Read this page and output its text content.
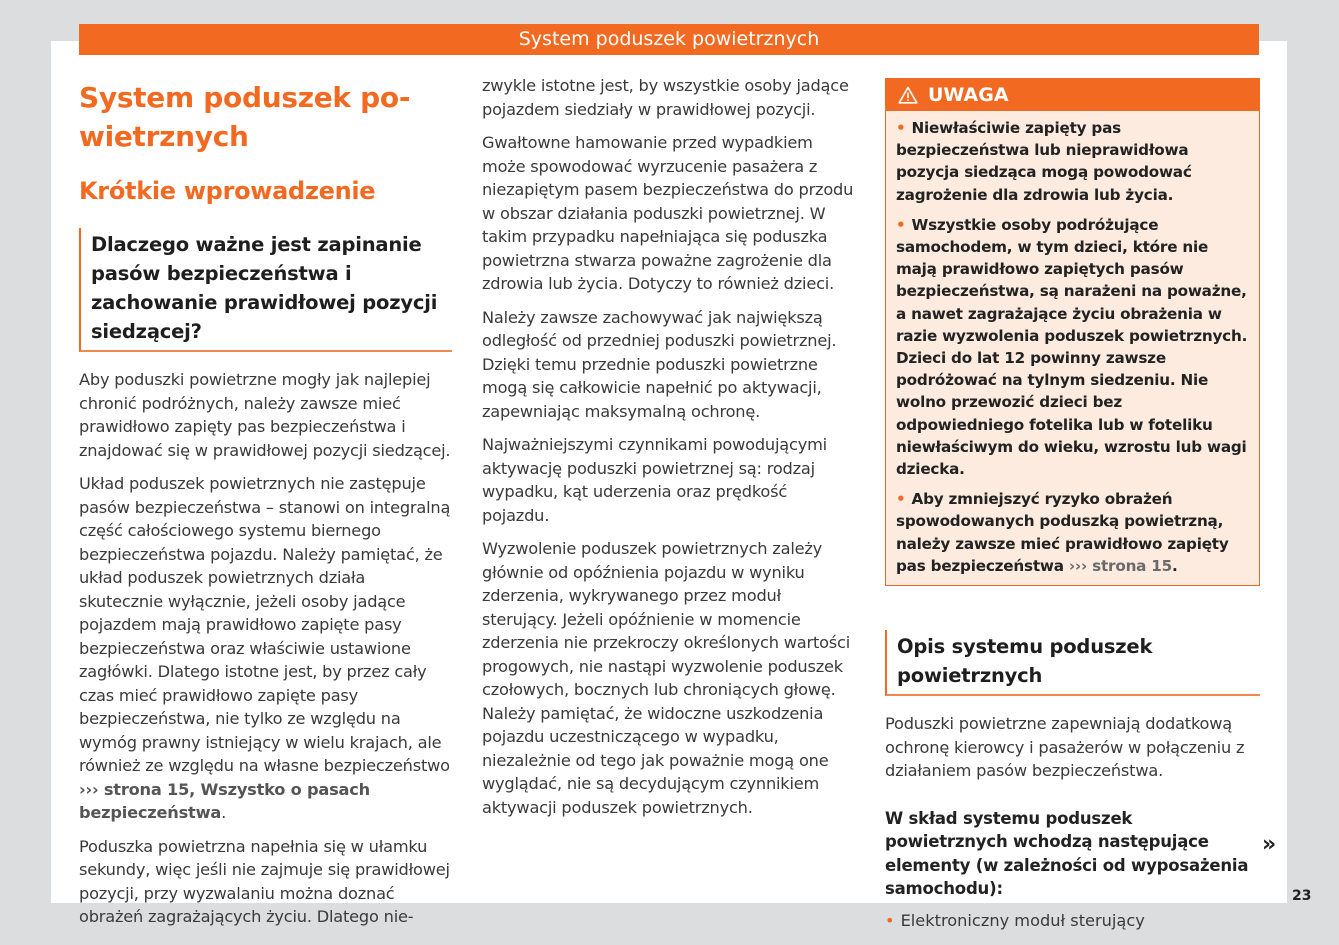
System poduszek powietrznych
System poduszek po-
wietrznych
Krótkie wprowadzenie
Dlaczego ważne jest zapinanie pasów bezpieczeństwa i zachowanie prawidłowej pozycji siedzącej?

Aby poduszki powietrzne mogły jak najlepiej chronić podróżnych, należy zawsze mieć prawidłowo zapięty pas bezpieczeństwa i znajdować się w prawidłowej pozycji siedzącej.

Układ poduszek powietrznych nie zastępuje pasów bezpieczeństwa – stanowi on integralną część całościowego systemu biernego bezpieczeństwa pojazdu. Należy pamiętać, że układ poduszek powietrznych działa skutecznie wyłącznie, jeżeli osoby jadące pojazdem mają prawidłowo zapięte pasy bezpieczeństwa oraz właściwie ustawione zagłówki. Dlatego istotne jest, by przez cały czas mieć prawidłowo zapięte pasy bezpieczeństwa, nie tylko ze względu na wymóg prawny istniejący w wielu krajach, ale również ze względu na własne bezpieczeństwo ››› strona 15, Wszystko o pasach bezpieczeństwa.

Poduszka powietrzna napełnia się w ułamku sekundy, więc jeśli nie zajmuje się prawidłowej pozycji, przy wyzwalaniu można doznać obrażeń zagrażających życiu. Dlatego nie-

zwykle istotne jest, by wszystkie osoby jadące pojazdem siedziały w prawidłowej pozycji.

Gwałtowne hamowanie przed wypadkiem może spowodować wyrzucenie pasażera z niezapiętym pasem bezpieczeństwa do przodu w obszar działania poduszki powietrznej. W takim przypadku napełniająca się poduszka powietrzna stwarza poważne zagrożenie dla zdrowia lub życia. Dotyczy to również dzieci.

Należy zawsze zachowywać jak największą odległość od przedniej poduszki powietrznej. Dzięki temu przednie poduszki powietrzne mogą się całkowicie napełnić po aktywacji, zapewniając maksymalną ochronę.

Najważniejszymi czynnikami powodującymi aktywację poduszki powietrznej są: rodzaj wypadku, kąt uderzenia oraz prędkość pojazdu.

Wyzwolenie poduszek powietrznych zależy głównie od opóźnienia pojazdu w wyniku zderzenia, wykrywanego przez moduł sterujący. Jeżeli opóźnienie w momencie zderzenia nie przekroczy określonych wartości progowych, nie nastąpi wyzwolenie poduszek czołowych, bocznych lub chroniących głowę. Należy pamiętać, że widoczne uszkodzenia pojazdu uczestniczącego w wypadku, niezależnie od tego jak poważnie mogą one wyglądać, nie są decydującym czynnikiem aktywacji poduszek powietrznych.

UWAGA
• Niewłaściwie zapięty pas bezpieczeństwa lub nieprawidłowa pozycja siedząca mogą powodować zagrożenie dla zdrowia lub życia.
• Wszystkie osoby podróżujące samochodem, w tym dzieci, które nie mają prawidłowo zapiętych pasów bezpieczeństwa, są narażeni na poważne, a nawet zagrażające życiu obrażenia w razie wyzwolenia poduszek powietrznych. Dzieci do lat 12 powinny zawsze podróżować na tylnym siedzeniu. Nie wolno przewozić dzieci bez odpowiedniego fotelika lub w foteliku niewłaściwym do wieku, wzrostu lub wagi dziecka.
• Aby zmniejszyć ryzyko obrażeń spowodowanych poduszką powietrzną, należy zawsze mieć prawidłowo zapięty pas bezpieczeństwa ››› strona 15.
Opis systemu poduszek powietrznych

Poduszki powietrzne zapewniają dodatkową ochronę kierowcy i pasażerów w połączeniu z działaniem pasów bezpieczeństwa.

W skład systemu poduszek powietrznych wchodzą następujące elementy (w zależności od wyposażenia samochodu):
• Elektroniczny moduł sterujący
»
23
